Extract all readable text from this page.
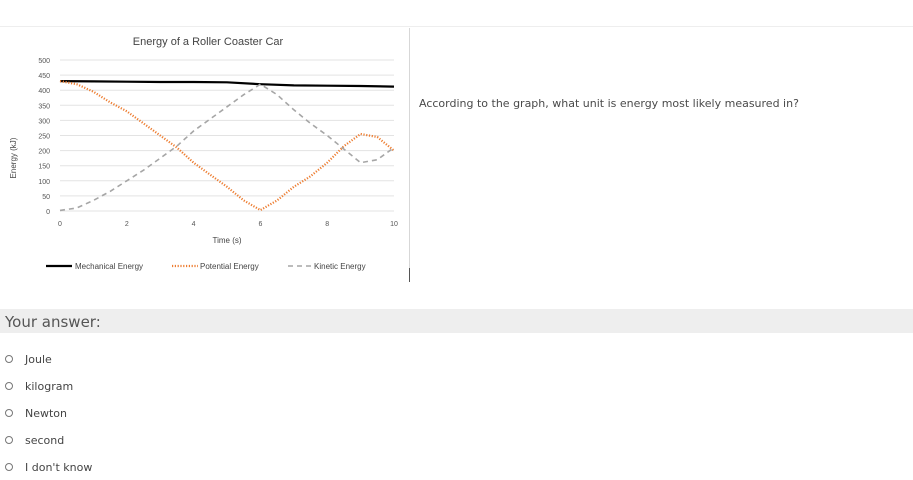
Energy of a Roller Coaster Car
0
50
100
150
200
250
300
350
400
450
500
0	2	4	6	8	10
Time (s)
Energy (kJ)
Mechanical Energy	Potential Energy	Kinetic Energy
According to the graph, what unit is energy most likely measured in?
Your answer:
Joule
kilogram
Newton
second
I don't know
